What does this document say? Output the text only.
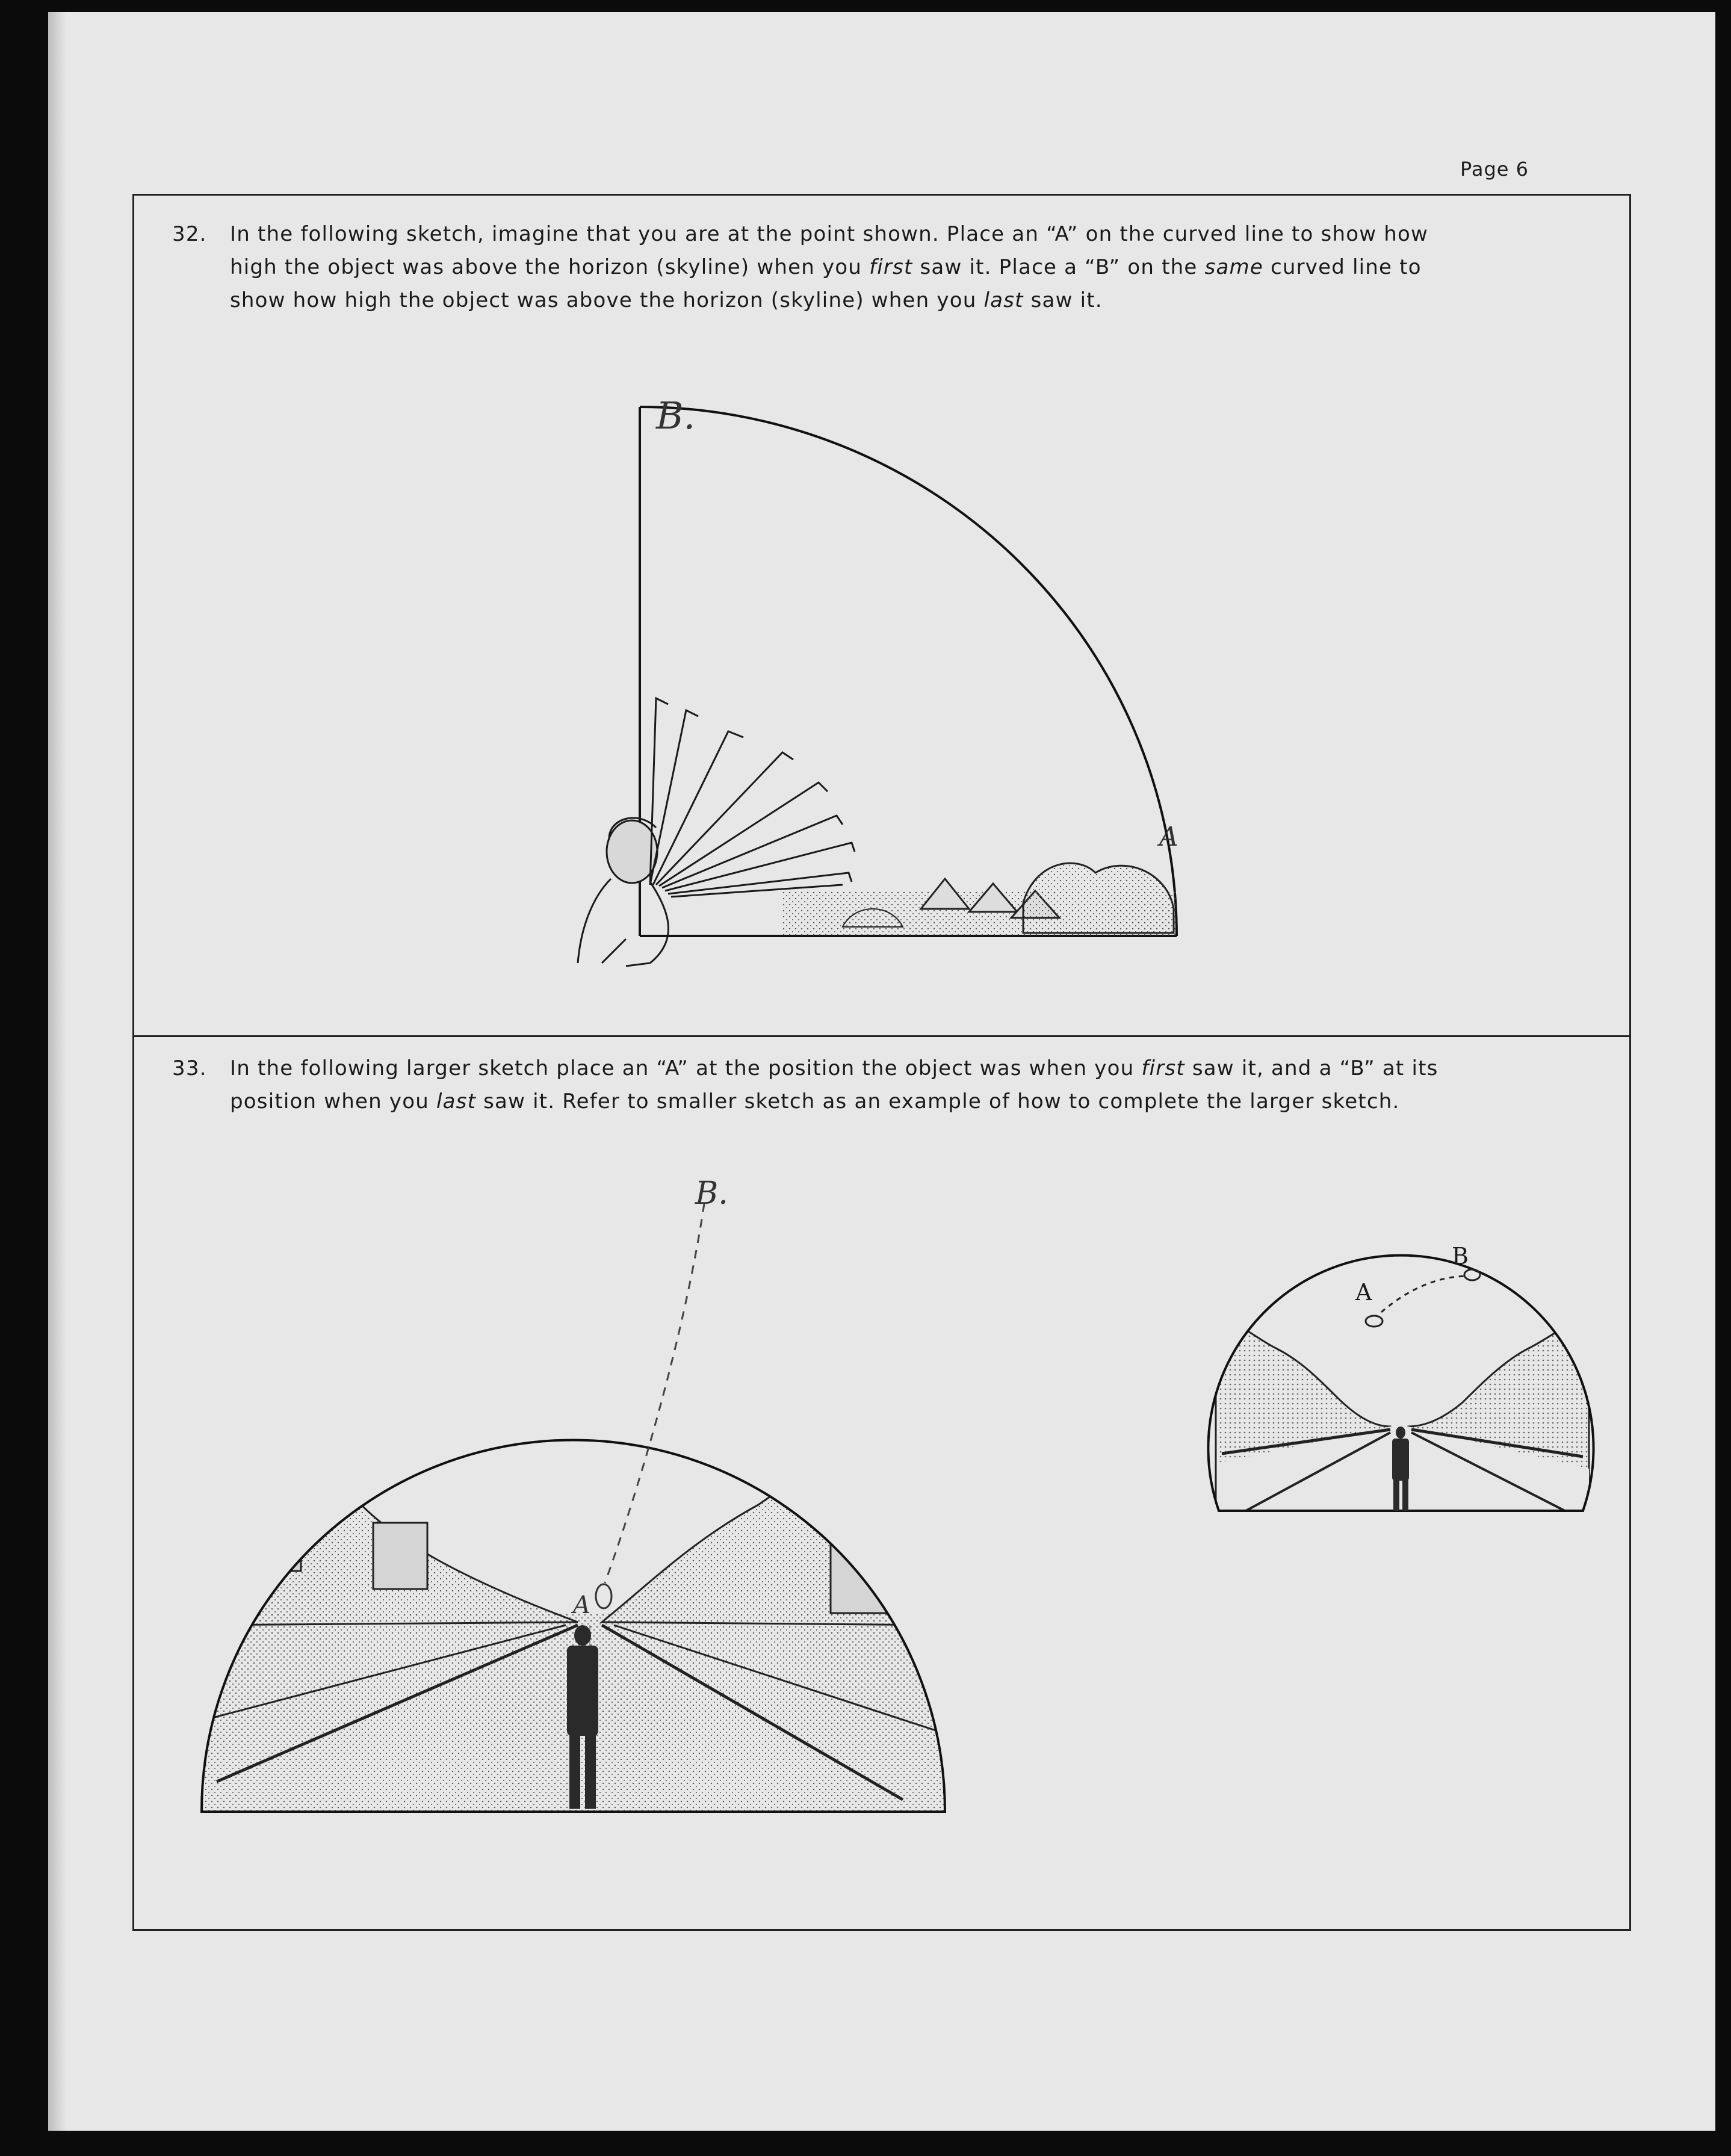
Page 6
32. In the following sketch, imagine that you are at the point shown. Place an “A” on the curved line to show how
high the object was above the horizon (skyline) when you first saw it. Place a “B” on the same curved line to
show how high the object was above the horizon (skyline) when you last saw it.
33. In the following larger sketch place an “A” at the position the object was when you first saw it, and a “B” at its
position when you last saw it. Refer to smaller sketch as an example of how to complete the larger sketch.
B.
A
B.
A
A
B
